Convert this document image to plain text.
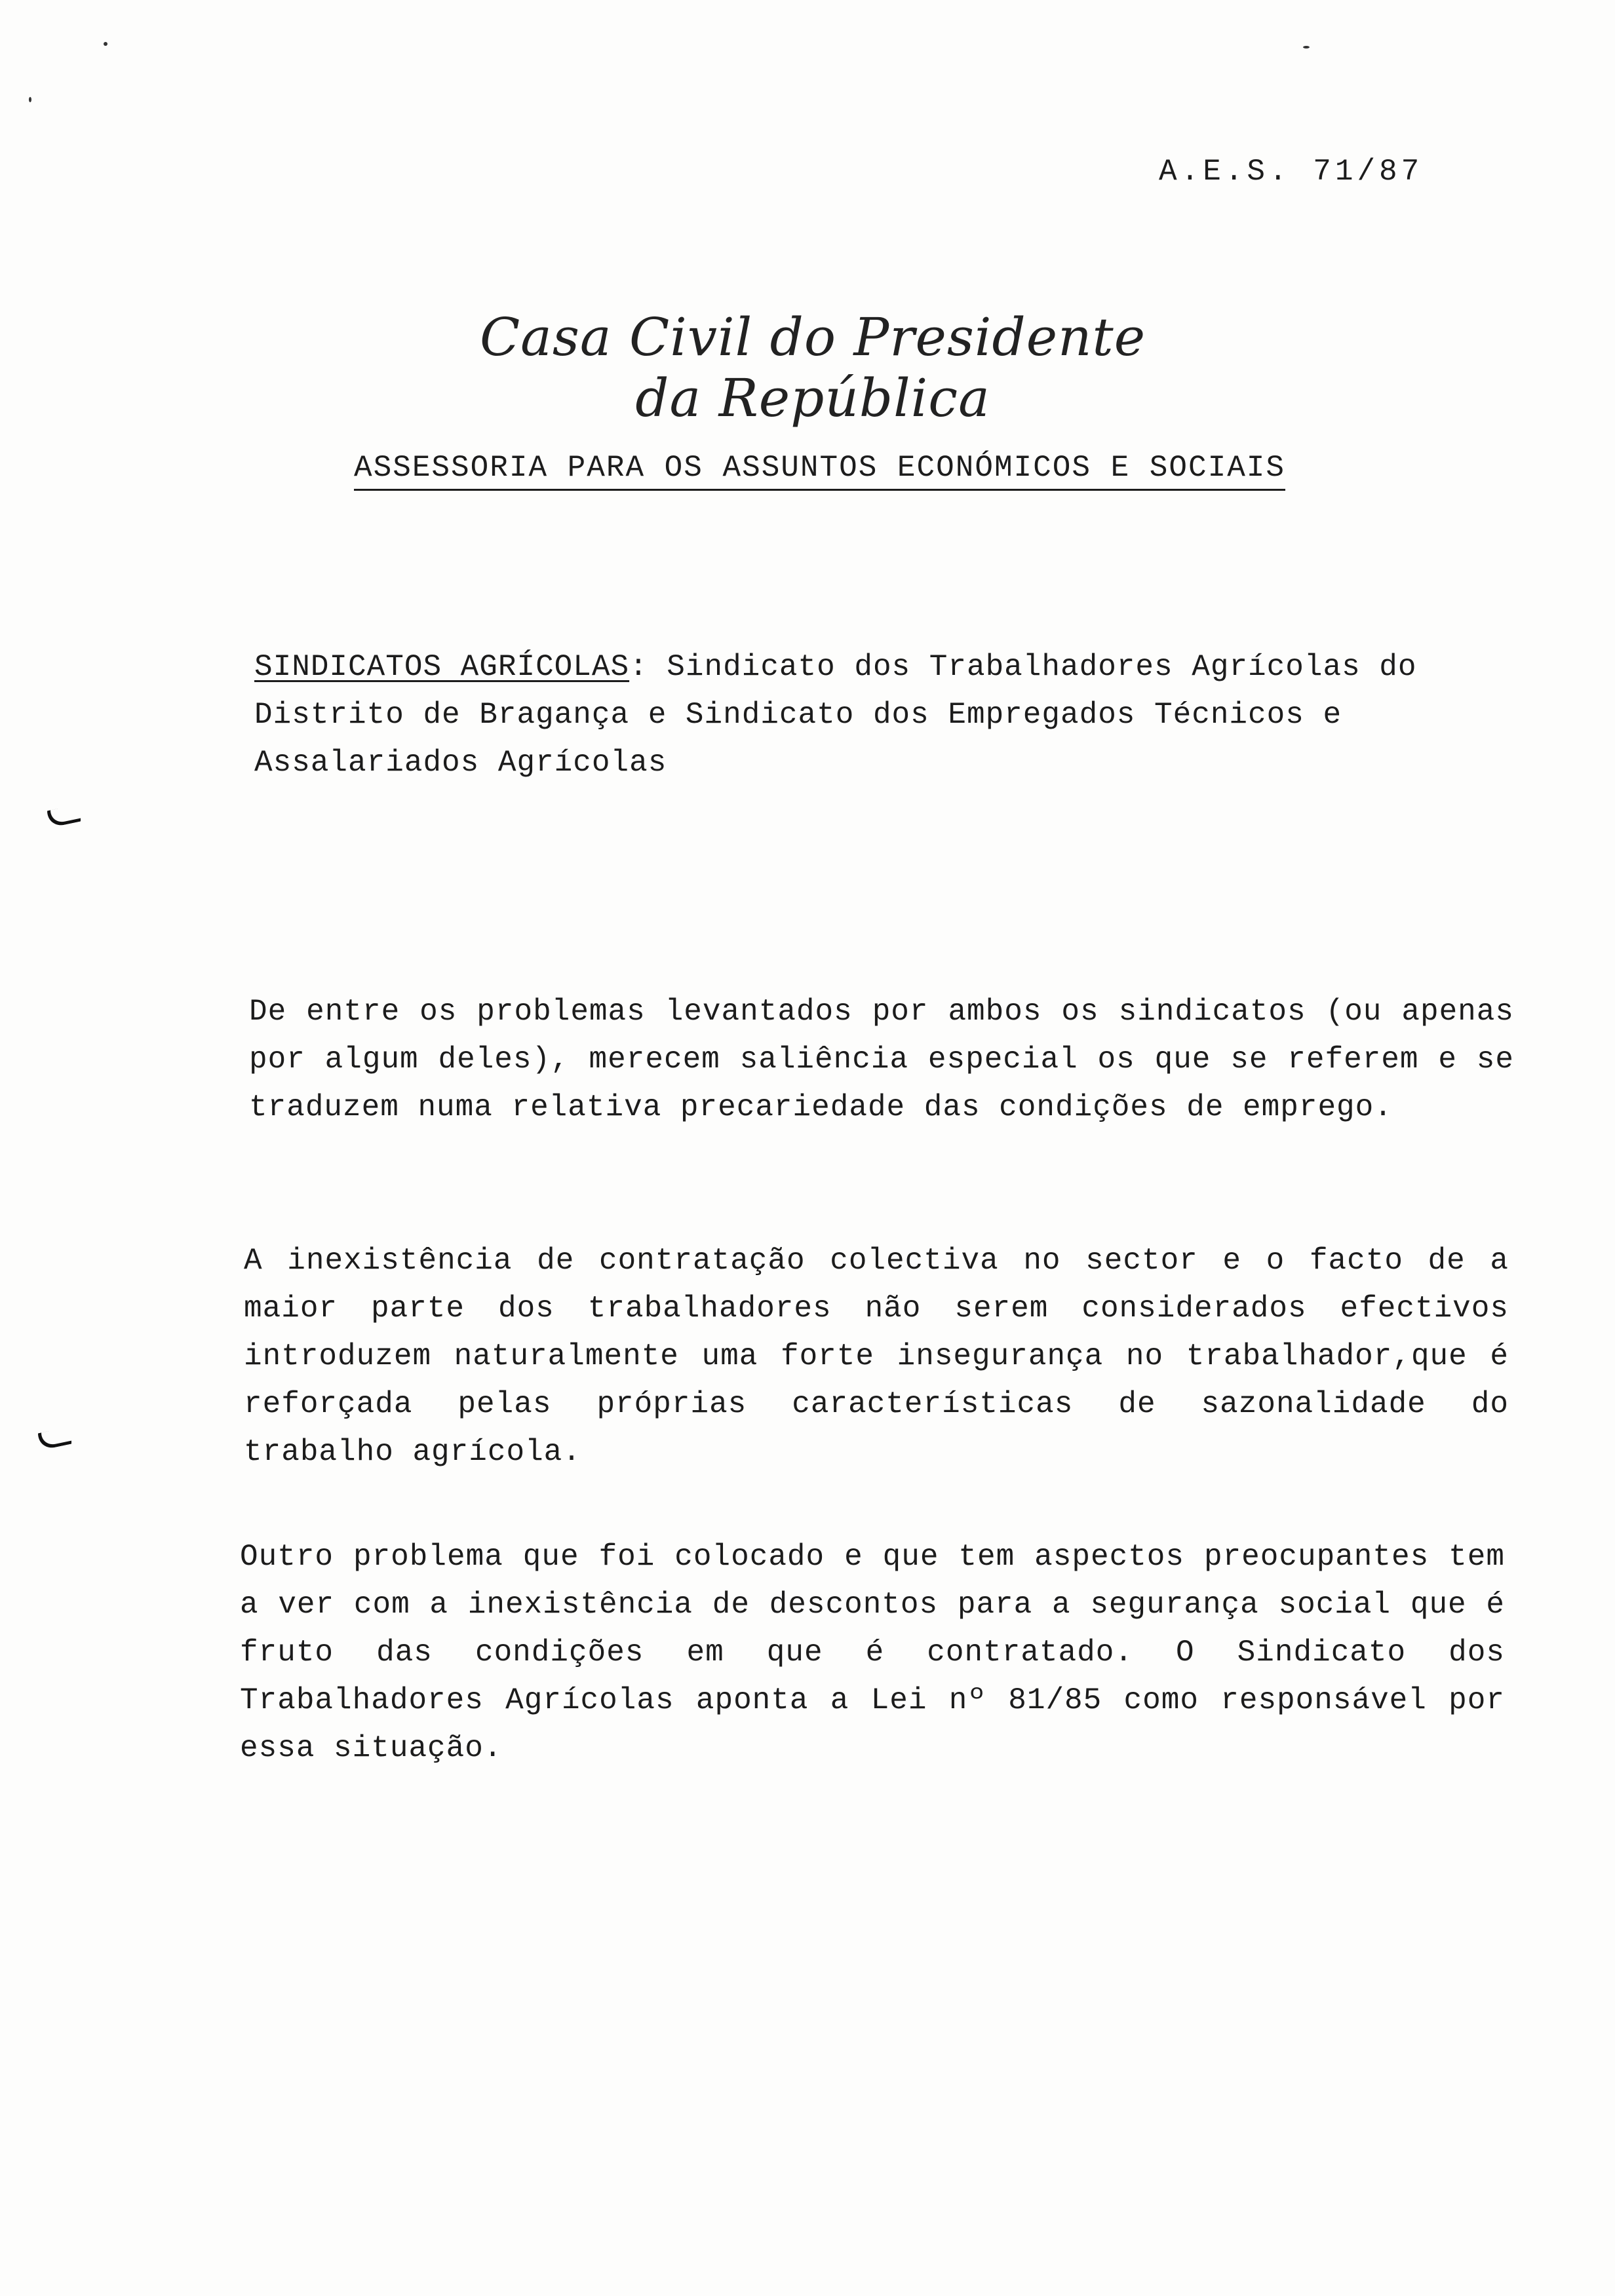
A.E.S. 71/87
Casa Civil do Presidente da República
ASSESSORIA PARA OS ASSUNTOS ECONÓMICOS E SOCIAIS
SINDICATOS AGRÍCOLAS: Sindicato dos Trabalhadores Agrícolas do Distrito de Bragança e Sindicato dos Empregados Técnicos e Assalariados Agrícolas
De entre os problemas levantados por ambos os sindicatos (ou apenas por algum deles), merecem saliência especial os que se referem e se traduzem numa relativa precariedade das condições de emprego.
A inexistência de contratação colectiva no sector e o facto de a maior parte dos trabalhadores não serem considerados efectivos introduzem naturalmente uma forte insegurança no trabalhador,que é reforçada pelas próprias características de sazonalidade do trabalho agrícola.
Outro problema que foi colocado e que tem aspectos preocupantes tem a ver com a inexistência de descontos para a segurança social que é fruto das condições em que é contratado. O Sindicato dos Trabalhadores Agrícolas aponta a Lei nº 81/85 como responsável por essa situação.
